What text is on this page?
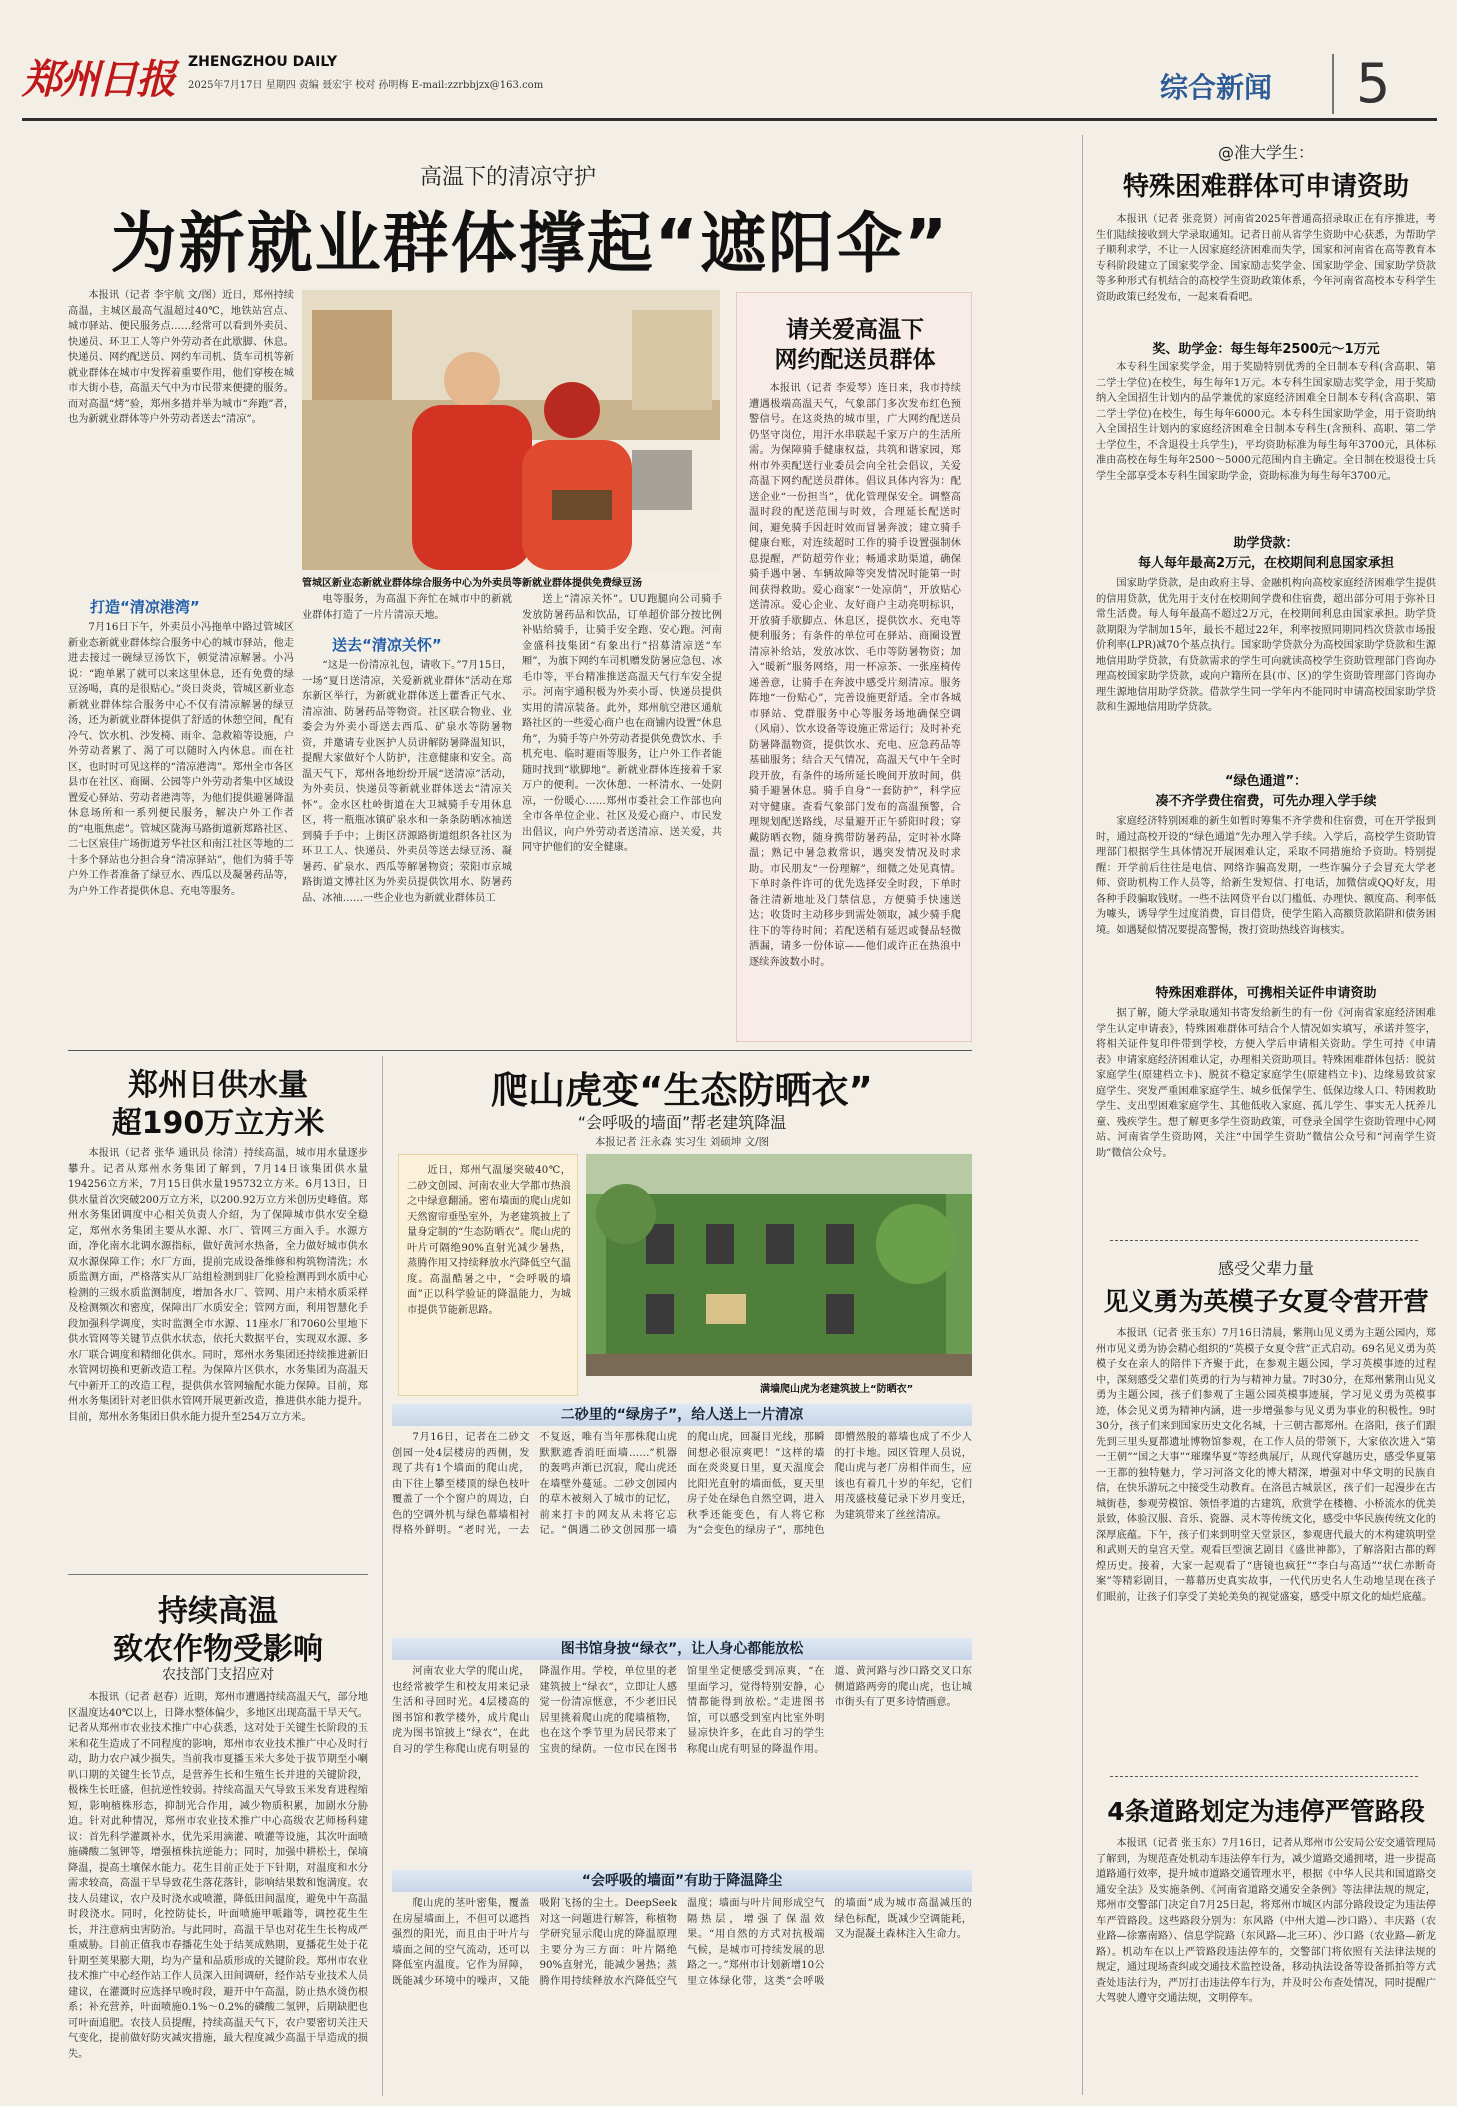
郑州日报 ZHENGZHOU DAILY
2025年7月17日 星期四 责编 聂宏宇 校对 孙明梅 E-mail:zzrbbjzx@163.com	综合新闻 5
高温下的清凉守护
为新就业群体撑起“遮阳伞”

本报讯（记者 李宇航 文/图）近日，郑州持续高温，主城区最高气温超过40℃，地铁站宫点、城市驿站、便民服务点……经常可以看到外卖员、快递员、环卫工人等户外劳动者在此歇脚、休息。快递员、网约配送员、网约车司机、货车司机等新就业群体在城市中发挥着重要作用，他们穿梭在城市大街小巷，高温天气中为市民带来便捷的服务。而对高温“烤”验，郑州多措并举为城市“奔跑”者，也为新就业群体等户外劳动者送去“清凉”。

管城区新业态新就业群体综合服务中心为外卖员等新就业群体提供免费绿豆汤
打造“清凉港湾”

7月16日下午，外卖员小冯拖单中路过管城区新业态新就业群体综合服务中心的城市驿站，他走进去接过一碗绿豆汤饮下，顿觉清凉解暑。小冯说：“跑单累了就可以来这里休息，还有免费的绿豆汤喝，真的是很贴心。”炎日炎炎，管城区新业态新就业群体综合服务中心不仅有清凉解暑的绿豆汤，还为新就业群体提供了舒适的休憩空间，配有冷气、饮水机、沙发椅、雨伞、急救箱等设施，户外劳动者累了、渴了可以随时入内休息。而在社区，也时时可见这样的“清凉港湾”。郑州全市各区县市在社区、商圈、公园等户外劳动者集中区域设置爱心驿站、劳动者港湾等，为他们提供避暑降温休息场所和一系列便民服务，解决户外工作者的“电瓶焦虑”。管城区陇海马路街道新郑路社区、二七区宸佳广场街道芳华社区和南江社区等地的二十多个驿站也分担合身“清凉驿站”，他们为骑手等户外工作者准备了绿豆水、西瓜以及凝暑药品等，为户外工作者提供休息、充电等服务。

电等服务，为高温下奔忙在城市中的新就业群体打造了一片片清凉天地。

送去“清凉关怀”

“这是一份清凉礼包，请收下。”7月15日，一场“夏日送清凉，关爱新就业群体”活动在郑东新区举行，为新就业群体送上藿香正气水、清凉油、防暑药品等物资。社区联合物业、业委会为外卖小哥送去西瓜、矿泉水等防暑物资，并邀请专业医护人员讲解防暑降温知识，提醒大家做好个人防护，注意健康和安全。高温天气下，郑州各地纷纷开展“送清凉”活动，为外卖员、快递员等新就业群体送去“清凉关怀”。金水区杜岭街道在大卫城骑手专用休息区，将一瓶瓶冰镇矿泉水和一条条防晒冰袖送到骑手手中；上街区济源路街道组织各社区为环卫工人、快递员、外卖员等送去绿豆汤、凝暑药、矿泉水、西瓜等解暑物资；荥阳市京城路街道文博社区为外卖员提供饮用水、防暑药品、冰袖……一些企业也为新就业群体员工

送上“清凉关怀”。UU跑腿向公司骑手发放防暑药品和饮品，订单超价部分按比例补贴给骑手，让骑手安全跑、安心跑。河南金盛科技集团“有象出行”招募清凉送“车厢”，为旗下网约车司机赠发防暑应急包、冰毛巾等，平台精准推送高温天气行车安全提示。河南宇通积极为外卖小哥、快递员提供实用的清凉装备。此外，郑州航空港区通航路社区的一些爱心商户也在商铺内设置“休息角”，为骑手等户外劳动者提供免费饮水、手机充电、临时避雨等服务，让户外工作者能随时找到“歇脚地”。新就业群体连接着千家万户的便利。一次休憩、一杯清水、一处阴凉，一份暖心……郑州市委社会工作部也向全市各单位企业、社区及爱心商户、市民发出倡议，向户外劳动者送清凉、送关爱，共同守护他们的安全健康。

请关爱高温下
网约配送员群体

本报讯（记者 李爱琴）连日来，我市持续遭遇极端高温天气，气象部门多次发布红色预警信号。在这炎热的城市里，广大网约配送员仍坚守岗位，用汗水串联起千家万户的生活所需。为保障骑手健康权益，共筑和谐家园，郑州市外卖配送行业委员会向全社会倡议，关爱高温下网约配送员群体。倡议具体内容为：配送企业“一份担当”，优化管理保安全。调整高温时段的配送范围与时效，合理延长配送时间，避免骑手因赶时效而冒暑奔波；建立骑手健康台账，对连续超时工作的骑手设置强制休息提醒，严防超劳作业；畅通求助渠道，确保骑手遇中暑、车辆故障等突发情况时能第一时间获得救助。爱心商家“一处凉荫”，开放贴心送清凉。爱心企业、友好商户主动亮明标识，开放骑手歇脚点、休息区，提供饮水、充电等便利服务；有条件的单位可在驿站、商圈设置清凉补给站，发放冰饮、毛巾等防暑物资；加入“暖新”服务网络，用一杯凉茶、一张座椅传递善意，让骑手在奔波中感受片刻清凉。服务阵地“一份贴心”，完善设施更舒适。全市各城市驿站、党群服务中心等服务场地确保空调（风扇）、饮水设备等设施正常运行；及时补充防暑降温物资，提供饮水、充电、应急药品等基础服务；结合天气情况，高温天气中午全时段开放，有条件的场所延长晚间开放时间，供骑手避暑休息。骑手自身“一套防护”，科学应对守健康。查看气象部门发布的高温预警，合理规划配送路线，尽量避开正午骄阳时段；穿戴防晒衣物，随身携带防暑药品，定时补水降温；熟记中暑急救常识，遇突发情况及时求助。市民朋友“一份理解”，细微之处见真情。下单时条件许可的优先选择安全时段，下单时备注清新地址及门禁信息，方便骑手快速送达；收货时主动移步到需处领取，减少骑手爬往下的等待时间；若配送稍有延迟或餐品轻微洒漏，请多一份体谅——他们或许正在热浪中逐续奔波数小时。

郑州日供水量
超190万立方米

本报讯（记者 张华 通讯员 徐清）持续高温，城市用水量逐步攀升。记者从郑州水务集团了解到，7月14日该集团供水量194256立方米，7月15日供水量195732立方米。6月13日，日供水量首次突破200万立方米，以200.92万立方米创历史峰值。郑州水务集团调度中心相关负责人介绍，为了保障城市供水安全稳定，郑州水务集团主要从水源、水厂、管网三方面入手。水源方面，净化南水北调水源指标，做好黄河水热备，全力做好城市供水双水源保障工作；水厂方面，提前完成设备维修和构筑物清洗；水质监测方面，严格落实从厂站组检测到驻厂化验检测再到水质中心检测的三级水质监测制度，增加各水厂、管网、用户末梢水质采样及检测频次和密度，保障出厂水质安全；管网方面，利用智慧化手段加强科学调度，实时监测全市水源、11座水厂和7060公里地下供水管网等关键节点供水状态，依托大数据平台，实现双水源、多水厂联合调度和精细化供水。同时，郑州水务集团还持续推进新旧水管网切换和更新改造工程。为保障片区供水，水务集团为高温天气中新开工的改造工程，提供供水管网输配水能力保障。目前，郑州水务集团针对老旧供水管网开展更新改造，推进供水能力提升。目前，郑州水务集团日供水能力提升至254万立方米。

持续高温
致农作物受影响
农技部门支招应对

本报讯（记者 赵春）近期，郑州市遭遇持续高温天气，部分地区温度达40℃以上，日降水整体偏少，多地区出现高温干旱天气。记者从郑州市农业技术推广中心获悉，这对处于关键生长阶段的玉米和花生造成了不同程度的影响，郑州市农业技术推广中心及时行动，助力农户减少损失。当前我市夏播玉米大多处于拔节期至小喇叭口期的关键生长节点，是营养生长和生殖生长并进的关键阶段，极株生长旺盛，但抗逆性较弱。持续高温天气导致玉米发育进程缩短，影响植株形态，抑制光合作用，减少物质积累，加剧水分胁迫。针对此种情况，郑州市农业技术推广中心高级农艺师杨科建议：首先科学灌溉补水，优先采用滴灌、喷灌等设施，其次叶面喷施磷酸二氢钾等，增强植株抗逆能力；同时，加强中耕松土，保墒降温，提高土壤保水能力。花生目前正处于下针期，对温度和水分需求较高，高温干旱导致花生落花落针，影响结果数和饱满度。农技人员建议，农户及时浇水或喷灌，降低田间温度，避免中午高温时段浇水。同时，化控防徒长，叶面喷施甲哌鎓等，调控花生生长，并注意病虫害防治。与此同时，高温干旱也对花生生长构成严重威胁。目前正值我市春播花生处于结荚成熟期，夏播花生处于花针期至荚果膨大期，均为产量和品质形成的关键阶段。郑州市农业技术推广中心经作站工作人员深入田间调研，经作站专业技术人员建议，在灌溉时应选择早晚时段，避开中午高温，防止热水烫伤根系；补充营养，叶面喷施0.1%～0.2%的磷酸二氢钾，后期缺肥也可叶面追肥。农技人员提醒，持续高温天气下，农户要密切关注天气变化，提前做好防灾减灾措施，最大程度减少高温干旱造成的损失。

爬山虎变“生态防晒衣”
“会呼吸的墙面”帮老建筑降温
本报记者 汪永森 实习生 刘硕坤 文/图

近日，郑州气温屡突破40℃，二砂文创园、河南农业大学都市热浪之中绿意翻涌。密布墙面的爬山虎如天然窗帘垂坠室外，为老建筑披上了量身定制的“生态防晒衣”。爬山虎的叶片可隔绝90%直射光减少暑热，蒸腾作用又持续释放水汽降低空气温度。高温酷暑之中，“会呼吸的墙面”正以科学验证的降温能力，为城市提供节能新思路。

满墙爬山虎为老建筑披上“防晒衣”
二砂里的“绿房子”，给人送上一片清凉

7月16日，记者在二砂文创园一处4层楼房的西侧，发现了共有1个墙面的爬山虎，由下往上攀至楼顶的绿色枝叶覆盖了一个个窗户的周边，白色的空调外机与绿色幕墙相衬得格外鲜明。“老时光，一去不复返，唯有当年那株爬山虎默默遮香消旺面墙……”机器的轰鸣声渐已沉寂，爬山虎还在墙壁外蔓延。二砂文创园内的草木被刻入了城市的记忆，前来打卡的网友从未将它忘记。“偶遇二砂文创园那一墙的爬山虎，回凝目光线，那瞬间想必很凉爽吧！”这样的墙面在炎炎夏日里，夏天温度会比阳光直射的墙面低，夏天里房子处在绿色自然空调，进入秋季还能变色，有人将它称为“会变色的绿房子”，那纯色即懵然般的幕墙也成了不少人的打卡地。园区管理人员说，爬山虎与老厂房相伴而生，应该也有着几十岁的年纪，它们用茂盛枝蔓记录下岁月变迁，为建筑带来了丝丝清凉。

图书馆身披“绿衣”，让人身心都能放松

河南农业大学的爬山虎，也经常被学生和校友用来记录生活和寻回时光。4层楼高的图书馆和教学楼外，成片爬山虎为图书馆披上“绿衣”，在此自习的学生称爬山虎有明显的降温作用。学校，单位里的老建筑披上“绿衣”，立即让人感觉一份清凉惬意，不少老旧民居里挑着爬山虎的爬墙植物，也在这个季节里为居民带来了宝贵的绿荫。一位市民在图书馆里坐定便感受到凉爽，“在里面学习，觉得特别安静，心情都能得到放松。”走进图书馆，可以感受到室内比室外明显凉快许多，在此自习的学生称爬山虎有明显的降温作用。道、黄河路与沙口路交叉口东侧道路两旁的爬山虎，也让城市街头有了更多诗情画意。

“会呼吸的墙面”有助于降温降尘

爬山虎的茎叶密集，覆盖在房屋墙面上，不但可以遮挡强烈的阳光，而且由于叶片与墙面之间的空气流动，还可以降低室内温度。它作为屏障，既能减少环境中的噪声，又能吸附飞扬的尘土。DeepSeek对这一问题进行解答，称植物学研究显示爬山虎的降温原理主要分为三方面：叶片隔绝90%直射光，能减少暑热；蒸腾作用持续释放水汽降低空气温度；墙面与叶片间形成空气隔热层，增强了保温效果。“用自然的方式对抗极端气候，是城市可持续发展的思路之一。”郑州市计划新增10公里立体绿化带，这类“会呼吸的墙面”成为城市高温减压的绿色标配，既减少空调能耗，又为混凝土森林注入生命力。

@准大学生：
特殊困难群体可申请资助

本报讯（记者 张竞贤）河南省2025年普通高招录取正在有序推进，考生们陆续接收到大学录取通知。记者日前从省学生资助中心获悉，为帮助学子顺利求学，不让一人因家庭经济困难而失学，国家和河南省在高等教育本专科阶段建立了国家奖学金、国家励志奖学金、国家助学金、国家助学贷款等多种形式有机结合的高校学生资助政策体系，今年河南省高校本专科学生资助政策已经发布，一起来看看吧。

奖、助学金：每生每年2500元～1万元

本专科生国家奖学金，用于奖励特别优秀的全日制本专科(含高职、第二学士学位)在校生，每生每年1万元。本专科生国家励志奖学金，用于奖励纳入全国招生计划内的品学兼优的家庭经济困难全日制本专科(含高职、第二学士学位)在校生，每生每年6000元。本专科生国家助学金，用于资助纳入全国招生计划内的家庭经济困难全日制本专科生(含预科、高职、第二学士学位生，不含退役士兵学生)，平均资助标准为每生每年3700元，具体标准由高校在每生每年2500～5000元范围内自主确定。全日制在校退役士兵学生全部享受本专科生国家助学金，资助标准为每生每年3700元。

助学贷款：
每人每年最高2万元，在校期间利息国家承担

国家助学贷款，是由政府主导、金融机构向高校家庭经济困难学生提供的信用贷款，优先用于支付在校期间学费和住宿费，超出部分可用于弥补日常生活费。每人每年最高不超过2万元，在校期间利息由国家承担。助学贷款期限为学制加15年，最长不超过22年，利率按照同期同档次贷款市场报价利率(LPR)减70个基点执行。国家助学贷款分为高校国家助学贷款和生源地信用助学贷款，有贷款需求的学生可向就读高校学生资助管理部门咨询办理高校国家助学贷款，或向户籍所在县(市、区)的学生资助管理部门咨询办理生源地信用助学贷款。借款学生同一学年内不能同时申请高校国家助学贷款和生源地信用助学贷款。

“绿色通道”：
凑不齐学费住宿费，可先办理入学手续

家庭经济特别困难的新生如暂时筹集不齐学费和住宿费，可在开学报到时，通过高校开设的“绿色通道”先办理入学手续。入学后，高校学生资助管理部门根据学生具体情况开展困难认定，采取不同措施给予资助。特别提醒：开学前后往往是电信、网络诈骗高发期，一些诈骗分子会冒充大学老师、资助机构工作人员等，给新生发短信、打电话，加微信或QQ好友，用各种手段骗取钱财。一些不法网贷平台以门槛低、办理快、额度高、利率低为噱头，诱导学生过度消费，盲目借贷，使学生陷入高额贷款陷阱和债务困境。如遇疑似情况要提高警惕，拨打资助热线咨询核实。

特殊困难群体，可携相关证件申请资助

据了解，随大学录取通知书寄发给新生的有一份《河南省家庭经济困难学生认定申请表》，特殊困难群体可结合个人情况如实填写，承诺并签字，将相关证件复印件带到学校，方便入学后申请相关资助。学生可持《申请表》申请家庭经济困难认定，办理相关资助项目。特殊困难群体包括：脱贫家庭学生(原建档立卡)、脱贫不稳定家庭学生(原建档立卡)、边缘易致贫家庭学生、突发严重困难家庭学生、城乡低保学生、低保边缘人口、特困救助学生、支出型困难家庭学生、其他低收入家庭、孤儿学生、事实无人抚养儿童、残疾学生。想了解更多学生资助政策，可登录全国学生资助管理中心网站、河南省学生资助网，关注“中国学生资助”微信公众号和“河南学生资助”微信公众号。

感受父辈力量
见义勇为英模子女夏令营开营

本报讯（记者 张玉东）7月16日清晨，紫荆山见义勇为主题公园内，郑州市见义勇为协会精心组织的“英模子女夏令营”正式启动。69名见义勇为英模子女在亲人的陪伴下齐聚于此，在参观主题公园，学习英模事迹的过程中，深刻感受父辈们英勇的行为与精神力量。7时30分，在郑州紫荆山见义勇为主题公园，孩子们参观了主题公园英模事迹展，学习见义勇为英模事迹，体会见义勇为精神内涵，进一步增强参与见义勇为事业的积极性。9时30分，孩子们来到国家历史文化名城，十三朝古都郑州。在洛阳，孩子们跟先到三里头夏都遗址博物馆参观，在工作人员的带领下，大家依次进入“第一王朝”“国之大事”“璀璨华夏”等经典展厅，从现代穿越历史，感受华夏第一王都的独特魅力，学习河洛文化的博大精深，增强对中华文明的民族自信，在快乐游玩之中接受生动教育。在洛邑古城景区，孩子们一起漫步在古城街巷，参观劳模馆、领悟孝道的古建筑，欣赏学在楼檐、小桥流水的优美景致，体验汉服、音乐、瓷器、灵木等传统文化，感受中华民族传统文化的深厚底蕴。下午，孩子们来到明堂天堂景区，参观唐代最大的木构建筑明堂和武则天的皇宫天堂。观看巨型演艺剧目《盛世神都》，了解洛阳古都的辉煌历史。接着，大家一起观看了“唐镜也疯狂”“李白与高适”“状仁赤断奇案”等精彩剧目，一幕幕历史真实故事，一代代历史名人生动地呈现在孩子们眼前，让孩子们享受了美轮美奂的视觉盛宴，感受中原文化的灿烂底蕴。

4条道路划定为违停严管路段

本报讯（记者 张玉东）7月16日，记者从郑州市公安局公安交通管理局了解到，为规范查处机动车违法停车行为，减少道路交通拥堵，进一步提高道路通行效率，提升城市道路交通管理水平，根据《中华人民共和国道路交通安全法》及实施条例、《河南省道路交通安全条例》等法律法规的规定，郑州市交警部门决定自7月25日起，将郑州市城区内部分路段设定为违法停车严管路段。这些路段分别为：东风路（中州大道—沙口路）、丰庆路（农业路—徐寨南路）、信息学院路（东风路—北三环）、沙口路（农业路—新龙路）。机动车在以上严管路段违法停车的，交警部门将依照有关法律法规的规定，通过现场查纠或交通技术监控设备，移动执法设备等设备抓拍等方式查处违法行为，严厉打击违法停车行为，并及时公布查处情况，同时提醒广大驾驶人遵守交通法规，文明停车。
